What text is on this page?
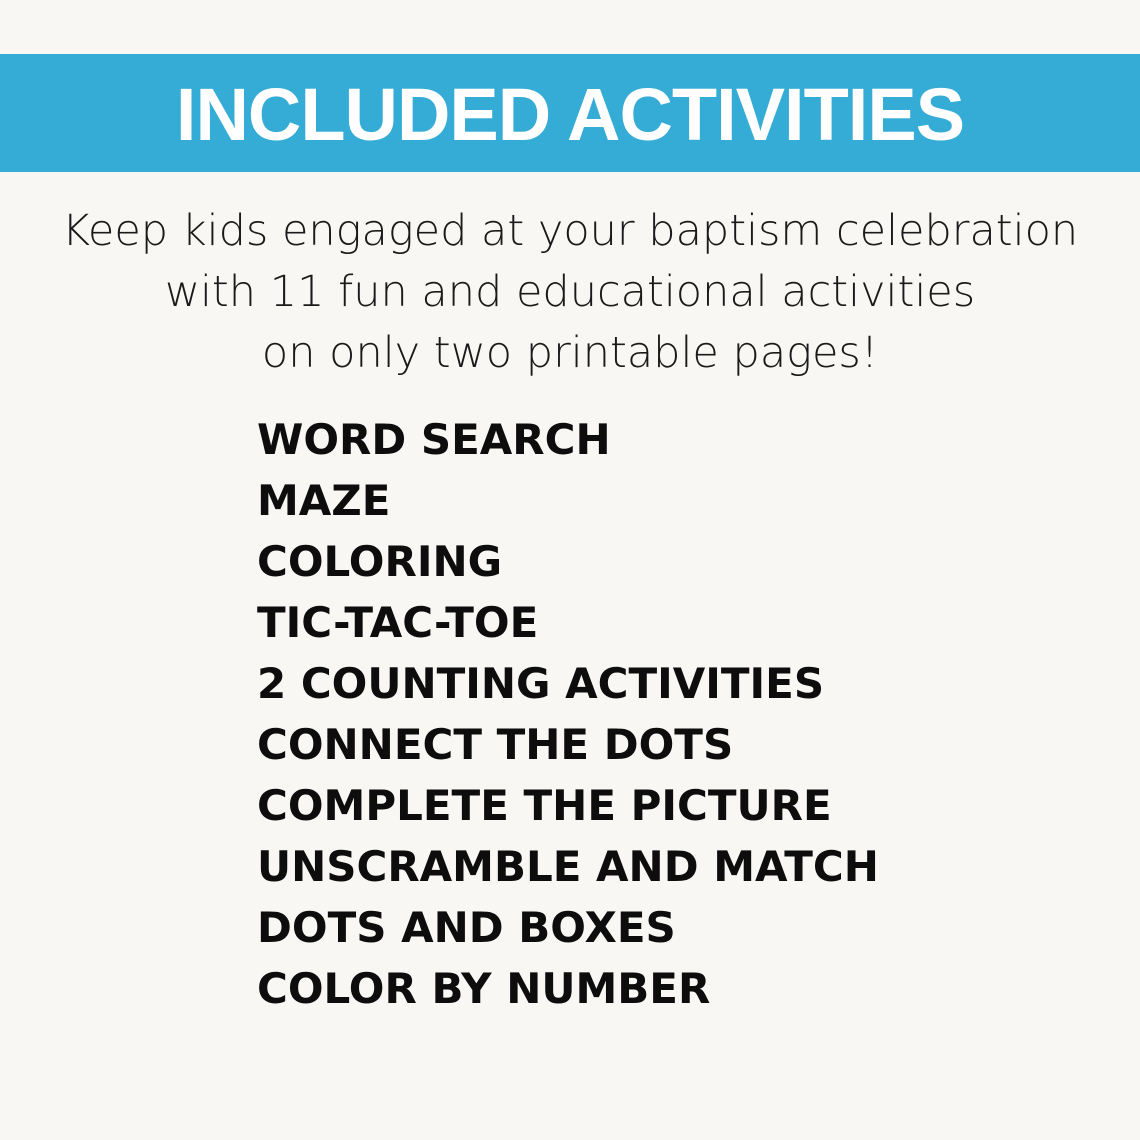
INCLUDED ACTIVITIES

Keep kids engaged at your baptism celebration
with 11 fun and educational activities
on only two printable pages!

WORD SEARCH
MAZE
COLORING
TIC-TAC-TOE
2 COUNTING ACTIVITIES
CONNECT THE DOTS
COMPLETE THE PICTURE
UNSCRAMBLE AND MATCH
DOTS AND BOXES
COLOR BY NUMBER
